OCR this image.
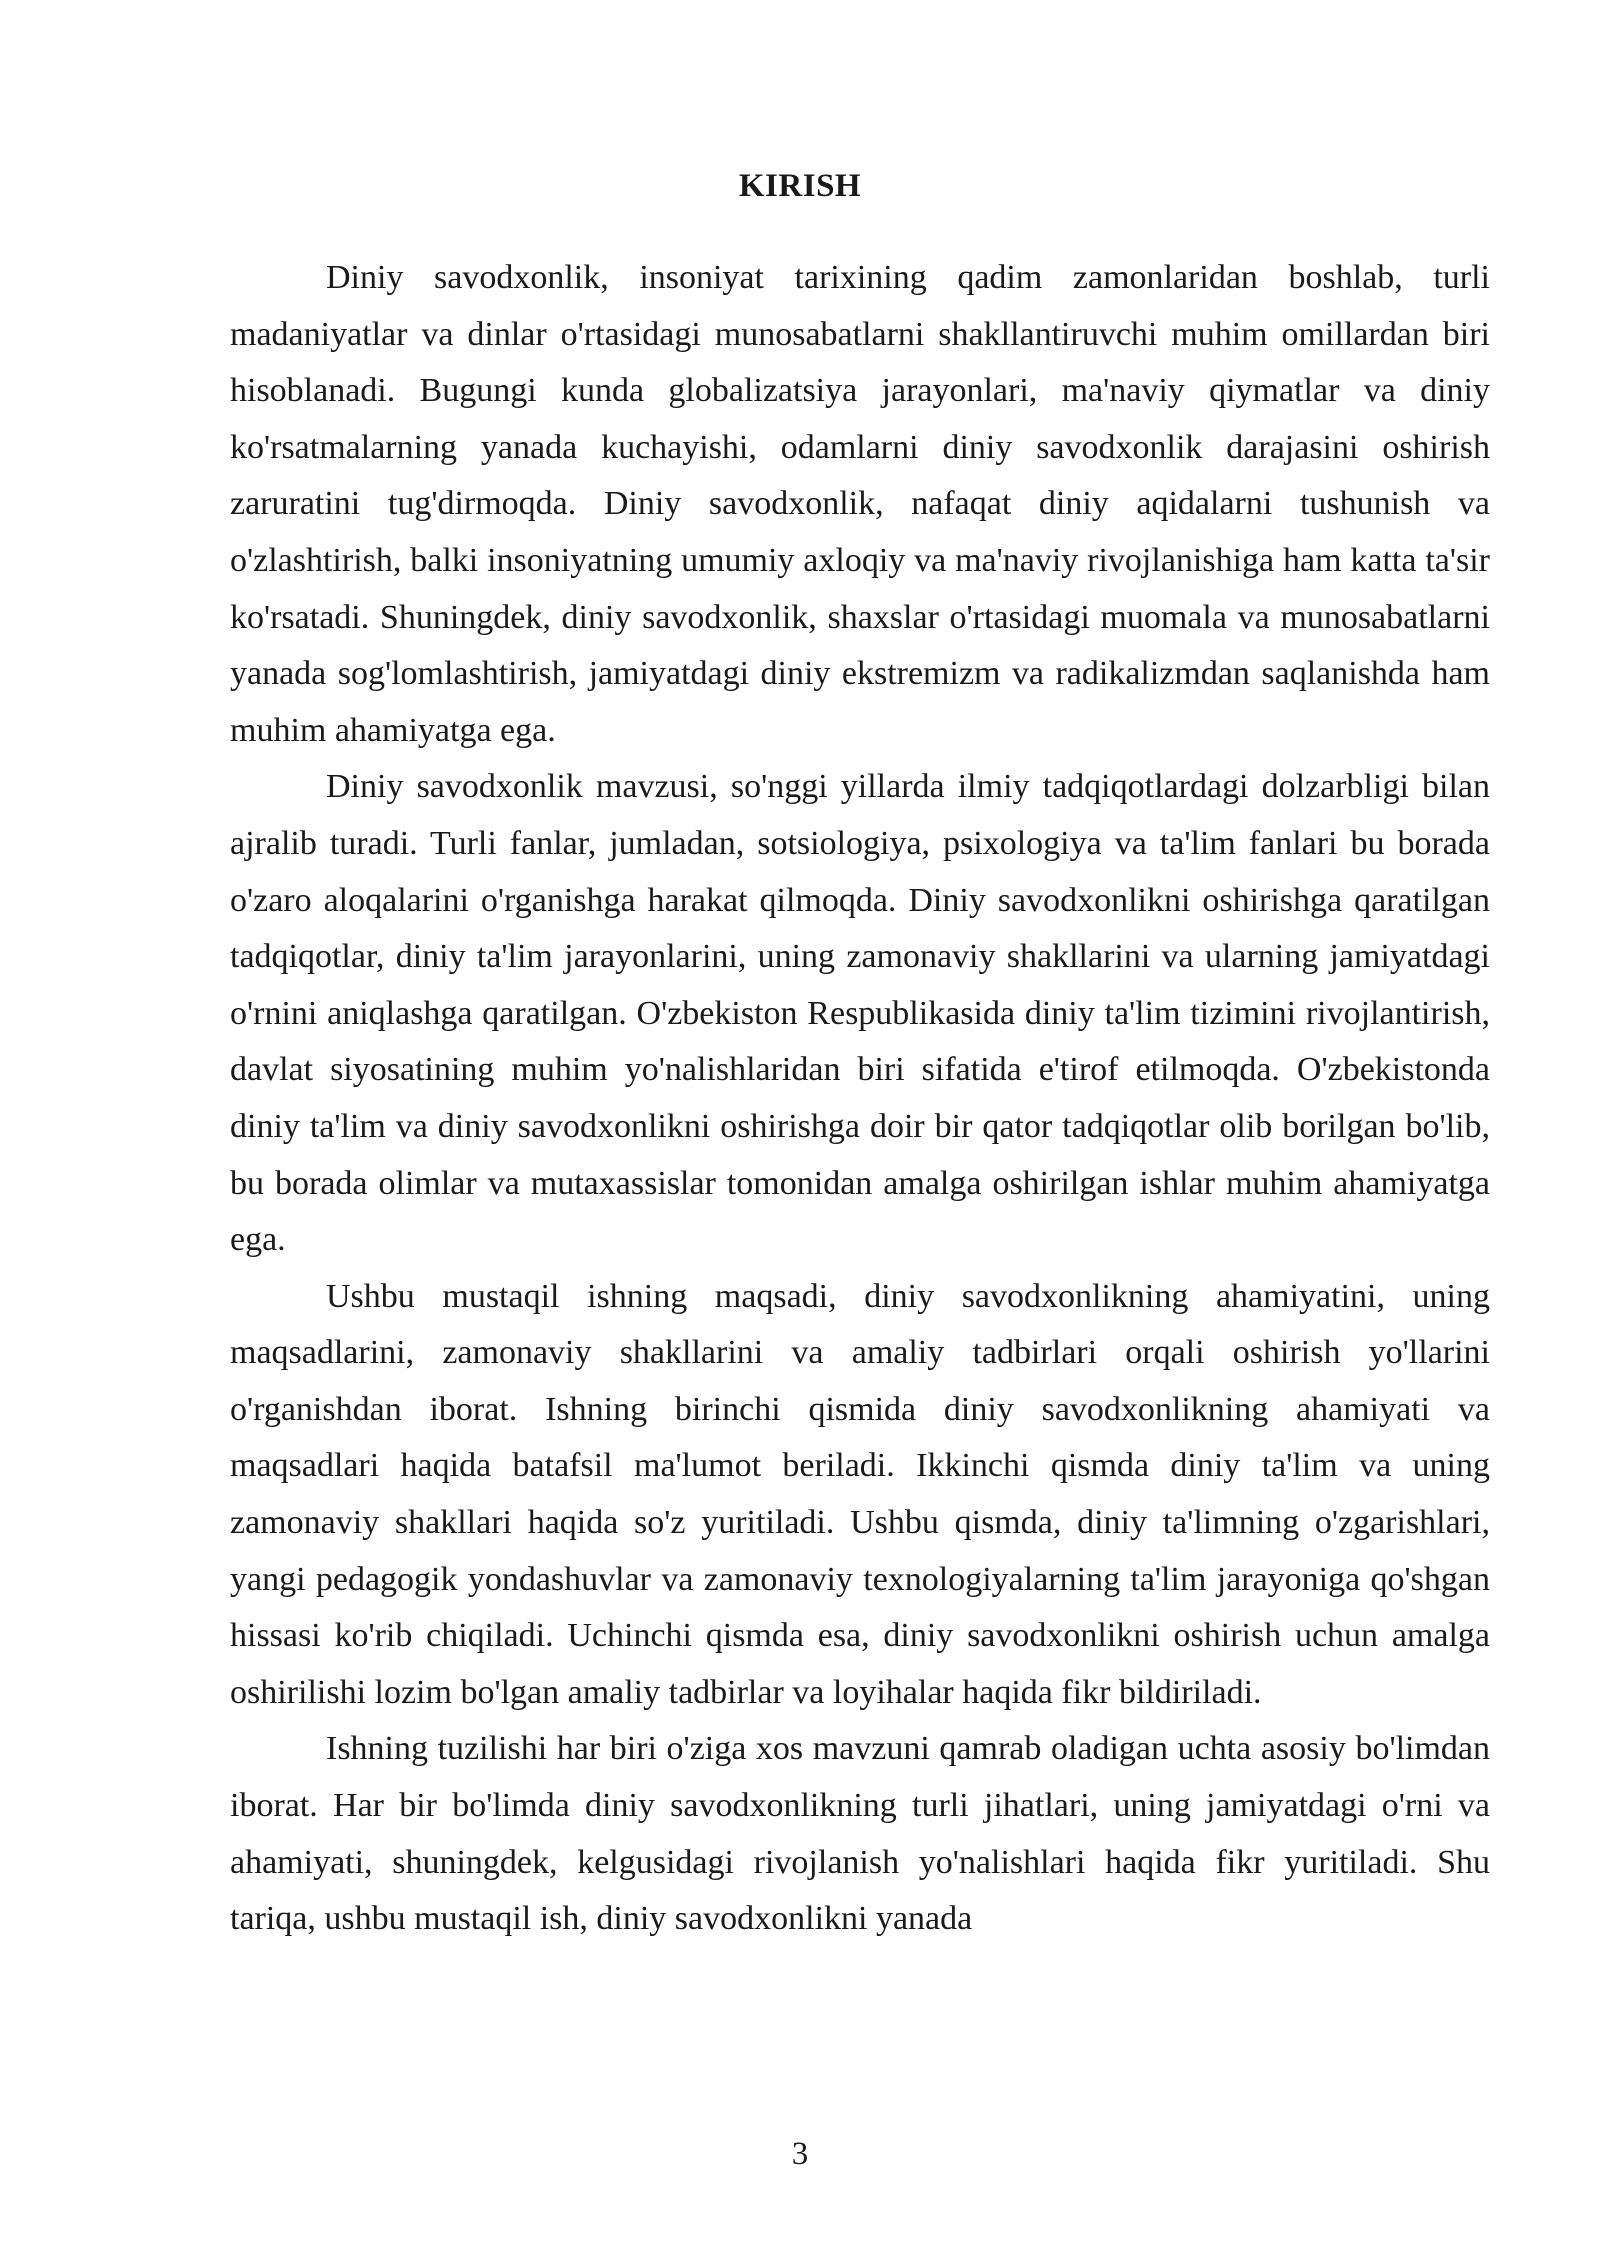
KIRISH

Diniy savodxonlik, insoniyat tarixining qadim zamonlaridan boshlab, turli madaniyatlar va dinlar o'rtasidagi munosabatlarni shakllantiruvchi muhim omillardan biri hisoblanadi. Bugungi kunda globalizatsiya jarayonlari, ma'naviy qiymatlar va diniy ko'rsatmalarning yanada kuchayishi, odamlarni diniy savodxonlik darajasini oshirish zaruratini tug'dirmoqda. Diniy savodxonlik, nafaqat diniy aqidalarni tushunish va o'zlashtirish, balki insoniyatning umumiy axloqiy va ma'naviy rivojlanishiga ham katta ta'sir ko'rsatadi. Shuningdek, diniy savodxonlik, shaxslar o'rtasidagi muomala va munosabatlarni yanada sog'lomlashtirish, jamiyatdagi diniy ekstremizm va radikalizmdan saqlanishda ham muhim ahamiyatga ega.

Diniy savodxonlik mavzusi, so'nggi yillarda ilmiy tadqiqotlardagi dolzarbligi bilan ajralib turadi. Turli fanlar, jumladan, sotsiologiya, psixologiya va ta'lim fanlari bu borada o'zaro aloqalarini o'rganishga harakat qilmoqda. Diniy savodxonlikni oshirishga qaratilgan tadqiqotlar, diniy ta'lim jarayonlarini, uning zamonaviy shakllarini va ularning jamiyatdagi o'rnini aniqlashga qaratilgan. O'zbekiston Respublikasida diniy ta'lim tizimini rivojlantirish, davlat siyosatining muhim yo'nalishlaridan biri sifatida e'tirof etilmoqda. O'zbekistonda diniy ta'lim va diniy savodxonlikni oshirishga doir bir qator tadqiqotlar olib borilgan bo'lib, bu borada olimlar va mutaxassislar tomonidan amalga oshirilgan ishlar muhim ahamiyatga ega.

Ushbu mustaqil ishning maqsadi, diniy savodxonlikning ahamiyatini, uning maqsadlarini, zamonaviy shakllarini va amaliy tadbirlari orqali oshirish yo'llarini o'rganishdan iborat. Ishning birinchi qismida diniy savodxonlikning ahamiyati va maqsadlari haqida batafsil ma'lumot beriladi. Ikkinchi qismda diniy ta'lim va uning zamonaviy shakllari haqida so'z yuritiladi. Ushbu qismda, diniy ta'limning o'zgarishlari, yangi pedagogik yondashuvlar va zamonaviy texnologiyalarning ta'lim jarayoniga qo'shgan hissasi ko'rib chiqiladi. Uchinchi qismda esa, diniy savodxonlikni oshirish uchun amalga oshirilishi lozim bo'lgan amaliy tadbirlar va loyihalar haqida fikr bildiriladi.

Ishning tuzilishi har biri o'ziga xos mavzuni qamrab oladigan uchta asosiy bo'limdan iborat. Har bir bo'limda diniy savodxonlikning turli jihatlari, uning jamiyatdagi o'rni va ahamiyati, shuningdek, kelgusidagi rivojlanish yo'nalishlari haqida fikr yuritiladi. Shu tariqa, ushbu mustaqil ish, diniy savodxonlikni yanada

3
